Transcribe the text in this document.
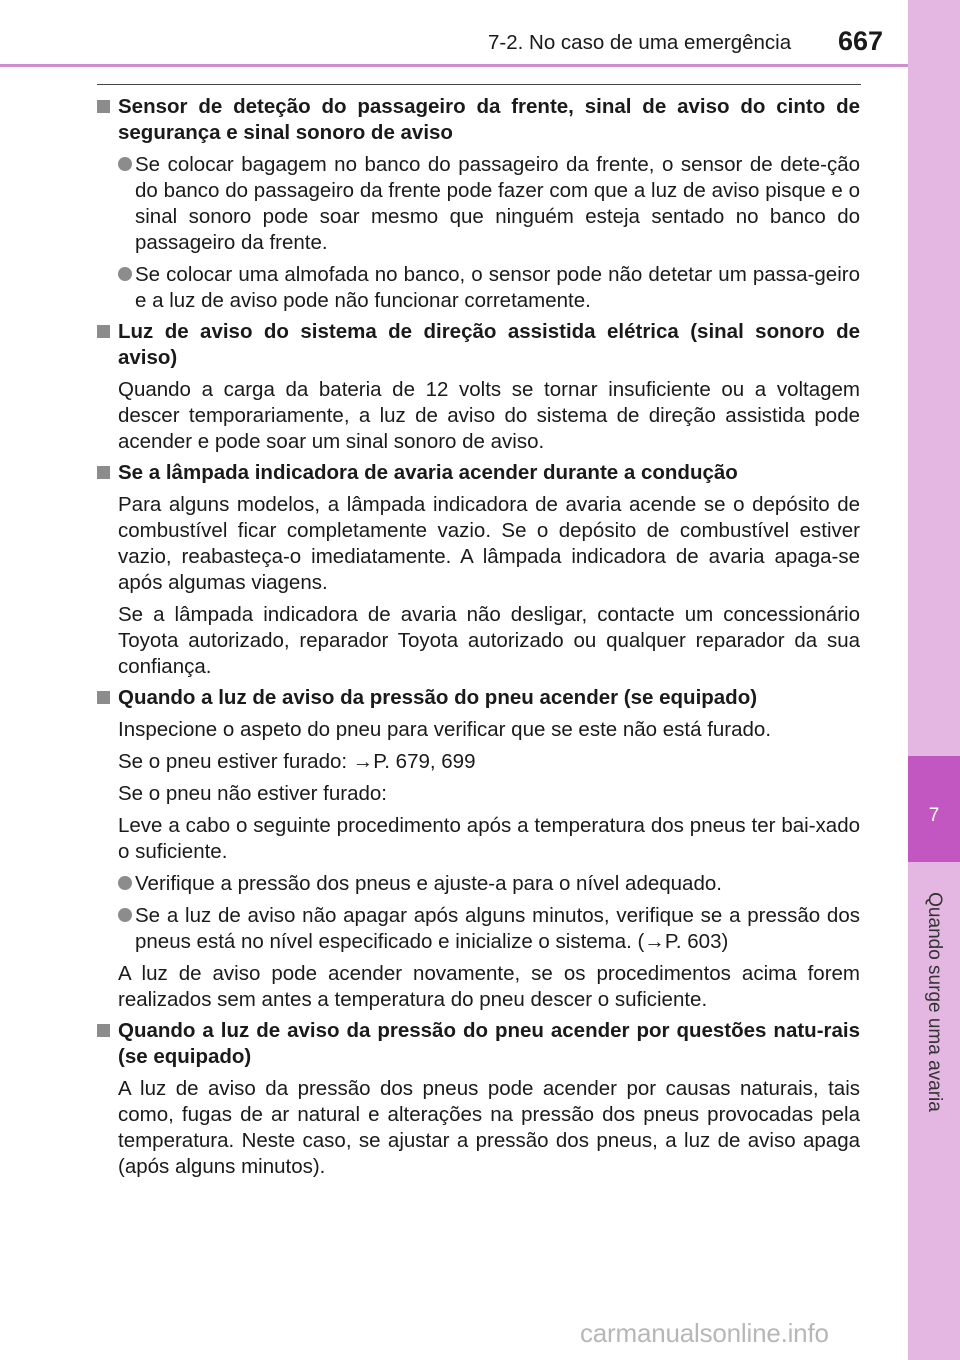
7
Quando surge uma avaria
7-2. No caso de uma emergência 667
Sensor de deteção do passageiro da frente, sinal de aviso do cinto de segurança e sinal sonoro de aviso
Se colocar bagagem no banco do passageiro da frente, o sensor de dete-ção do banco do passageiro da frente pode fazer com que a luz de aviso pisque e o sinal sonoro pode soar mesmo que ninguém esteja sentado no banco do passageiro da frente.
Se colocar uma almofada no banco, o sensor pode não detetar um passa-geiro e a luz de aviso pode não funcionar corretamente.
Luz de aviso do sistema de direção assistida elétrica (sinal sonoro de aviso)
Quando a carga da bateria de 12 volts se tornar insuficiente ou a voltagem descer temporariamente, a luz de aviso do sistema de direção assistida pode acender e pode soar um sinal sonoro de aviso.
Se a lâmpada indicadora de avaria acender durante a condução
Para alguns modelos, a lâmpada indicadora de avaria acende se o depósito de combustível ficar completamente vazio. Se o depósito de combustível estiver vazio, reabasteça-o imediatamente. A lâmpada indicadora de avaria apaga-se após algumas viagens.
Se a lâmpada indicadora de avaria não desligar, contacte um concessionário Toyota autorizado, reparador Toyota autorizado ou qualquer reparador da sua confiança.
Quando a luz de aviso da pressão do pneu acender (se equipado)
Inspecione o aspeto do pneu para verificar que se este não está furado.
Se o pneu estiver furado: →P. 679, 699
Se o pneu não estiver furado:
Leve a cabo o seguinte procedimento após a temperatura dos pneus ter bai-xado o suficiente.
Verifique a pressão dos pneus e ajuste-a para o nível adequado.
Se a luz de aviso não apagar após alguns minutos, verifique se a pressão dos pneus está no nível especificado e inicialize o sistema. (→P. 603)
A luz de aviso pode acender novamente, se os procedimentos acima forem realizados sem antes a temperatura do pneu descer o suficiente.
Quando a luz de aviso da pressão do pneu acender por questões natu-rais (se equipado)
A luz de aviso da pressão dos pneus pode acender por causas naturais, tais como, fugas de ar natural e alterações na pressão dos pneus provocadas pela temperatura. Neste caso, se ajustar a pressão dos pneus, a luz de aviso apaga (após alguns minutos).
carmanualsonline.info
